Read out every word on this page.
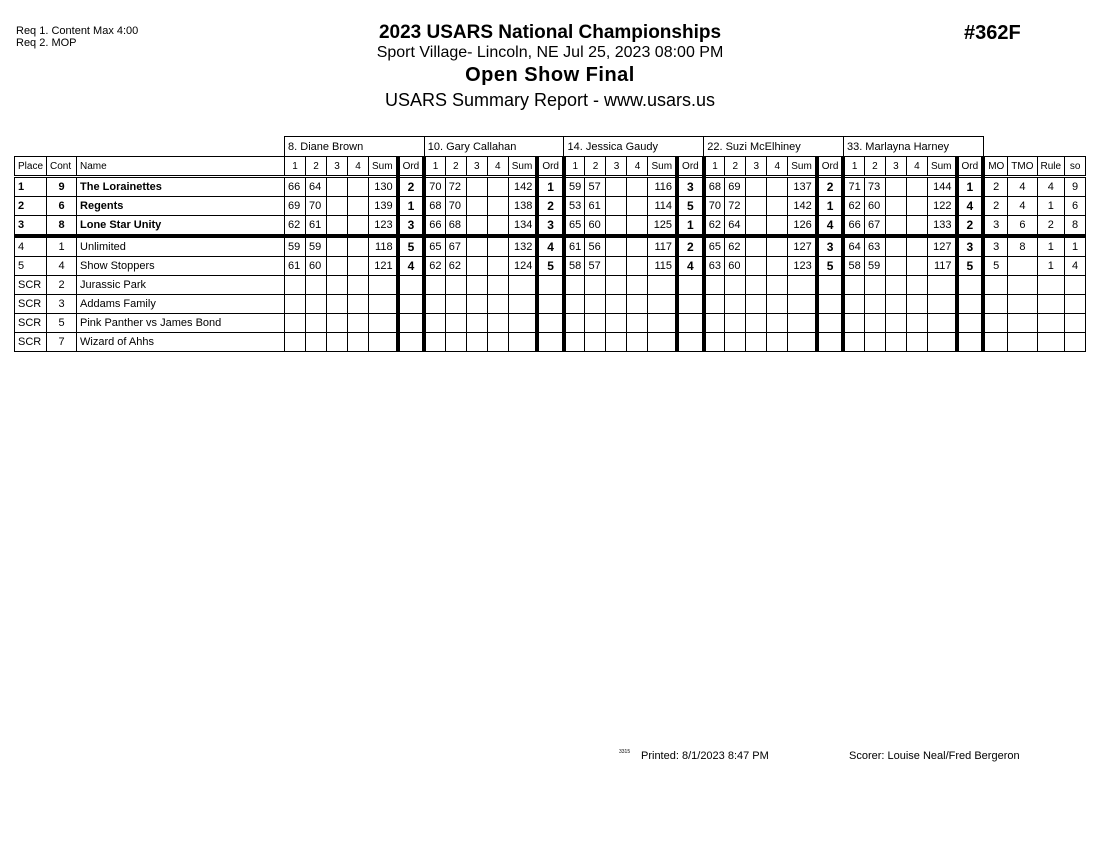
Req 1. Content Max 4:00
Req 2. MOP	2023 USARS National Championships
Sport Village- Lincoln, NE Jul 25, 2023 08:00 PM
Open Show Final
USARS Summary Report - www.usars.us
#362F
			8. Diane Brown						10. Gary Callahan						14. Jessica Gaudy						22. Suzi McElhiney						33. Marlayna Harney									
Place	Cont	Name	1	2	3	4	Sum	Ord	1	2	3	4	Sum	Ord	1	2	3	4	Sum	Ord	1	2	3	4	Sum	Ord	1	2	3	4	Sum	Ord	MO	TMO	Rule	so
1	9	The Lorainettes	66	64			130	2	70	72			142	1	59	57			116	3	68	69			137	2	71	73			144	1	2	4	4	9
2	6	Regents	69	70			139	1	68	70			138	2	53	61			114	5	70	72			142	1	62	60			122	4	2	4	1	6
3	8	Lone Star Unity	62	61			123	3	66	68			134	3	65	60			125	1	62	64			126	4	66	67			133	2	3	6	2	8
4	1	Unlimited	59	59			118	5	65	67			132	4	61	56			117	2	65	62			127	3	64	63			127	3	3	8	1	1
5	4	Show Stoppers	61	60			121	4	62	62			124	5	58	57			115	4	63	60			123	5	58	59			117	5	5		1	4
SCR	2	Jurassic Park																																		
SCR	3	Addams Family																																		
SCR	5	Pink Panther vs James Bond																																		
SCR	7	Wizard of Ahhs																																		
3315 Printed: 8/1/2023 8:47 PM	Scorer: Louise Neal/Fred Bergeron
